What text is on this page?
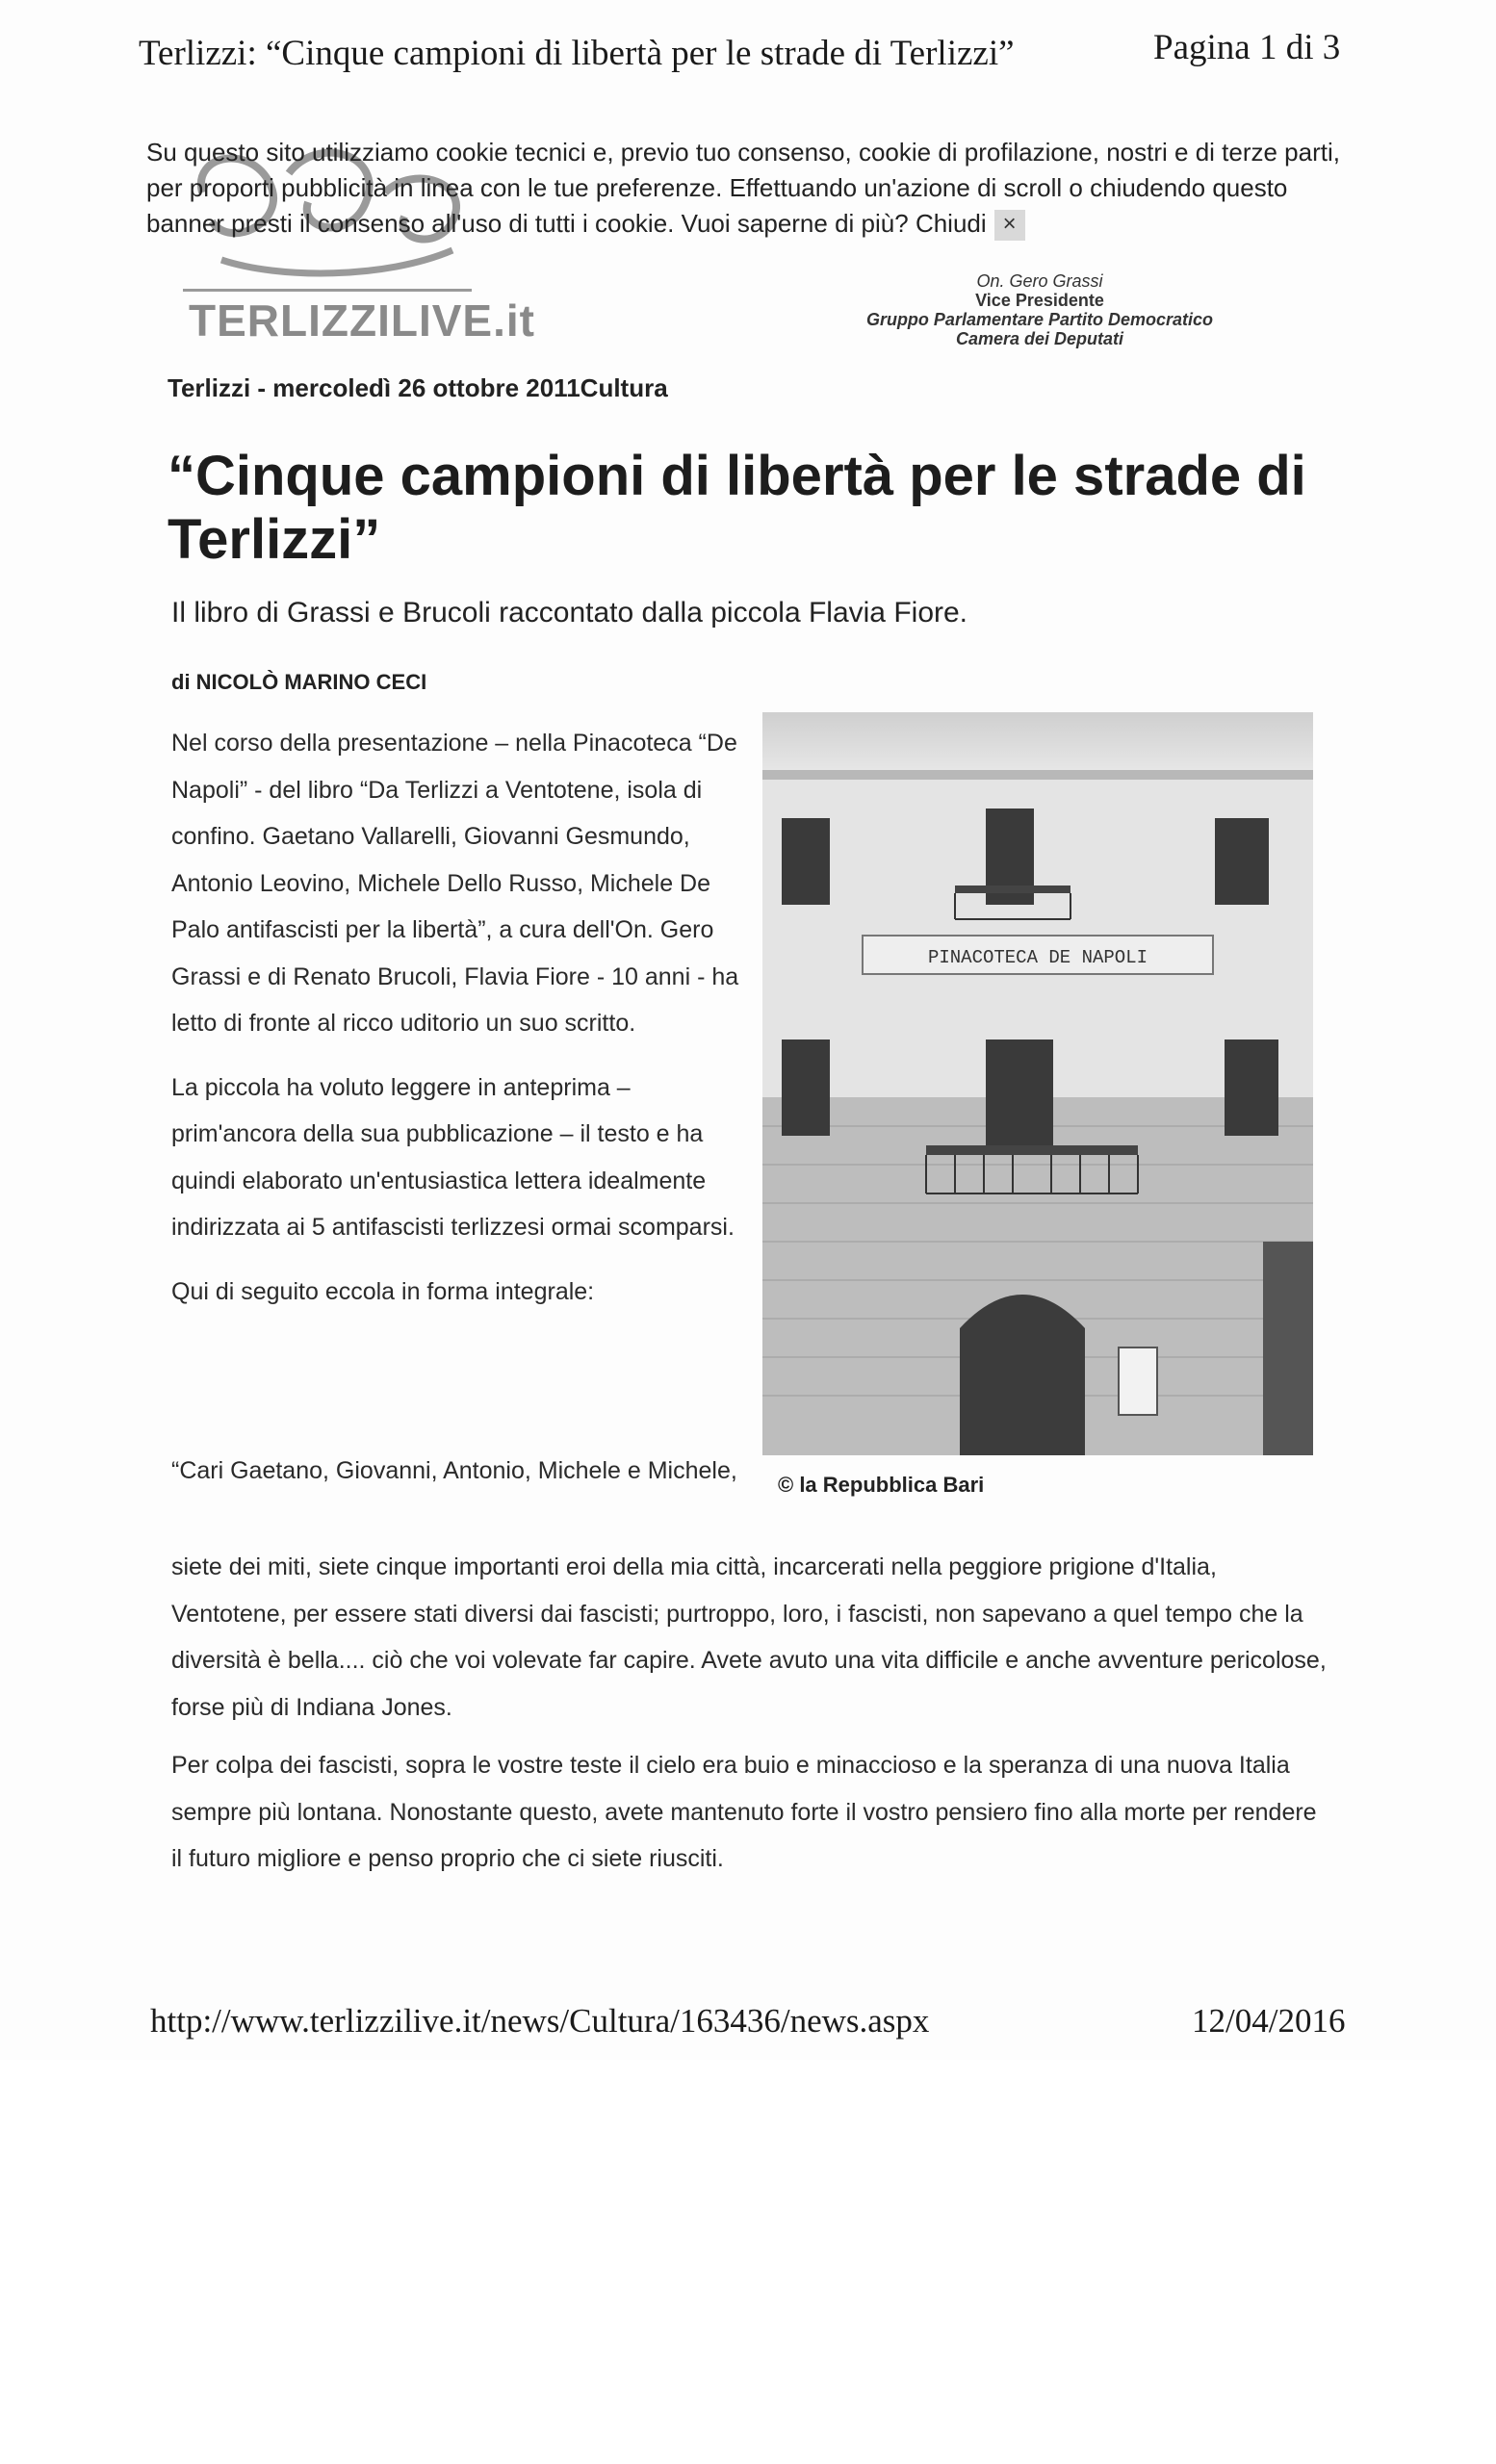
Terlizzi: “Cinque campioni di libertà per le strade di Terlizzi”	Pagina 1 di 3
TERLIZZILIVE.it
Su questo sito utilizziamo cookie tecnici e, previo tuo consenso, cookie di profilazione, nostri e di terze parti, per proporti pubblicità in linea con le tue preferenze. Effettuando un'azione di scroll o chiudendo questo banner presti il consenso all'uso di tutti i cookie. Vuoi saperne di più? Chiudi ×
On. Gero Grassi
Vice Presidente
Gruppo Parlamentare Partito Democratico
Camera dei Deputati
Terlizzi - mercoledì 26 ottobre 2011Cultura
“Cinque campioni di libertà per le strade di Terlizzi”
Il libro di Grassi e Brucoli raccontato dalla piccola Flavia Fiore.
di NICOLÒ MARINO CECI

Nel corso della presentazione – nella Pinacoteca “De Napoli” - del libro “Da Terlizzi a Ventotene, isola di confino. Gaetano Vallarelli, Giovanni Gesmundo, Antonio Leovino, Michele Dello Russo, Michele De Palo antifascisti per la libertà”, a cura dell'On. Gero Grassi e di Renato Brucoli, Flavia Fiore - 10 anni - ha letto di fronte al ricco uditorio un suo scritto.

La piccola ha voluto leggere in anteprima – prim'ancora della sua pubblicazione – il testo e ha quindi elaborato un'entusiastica lettera idealmente indirizzata ai 5 antifascisti terlizzesi ormai scomparsi.

Qui di seguito eccola in forma integrale:

PINACOTECA DE NAPOLI
© la Repubblica Bari

“Cari Gaetano, Giovanni, Antonio, Michele e Michele,

siete dei miti, siete cinque importanti eroi della mia città, incarcerati nella peggiore prigione d'Italia, Ventotene, per essere stati diversi dai fascisti; purtroppo, loro, i fascisti, non sapevano a quel tempo che la diversità è bella.... ciò che voi volevate far capire. Avete avuto una vita difficile e anche avventure pericolose, forse più di Indiana Jones.

Per colpa dei fascisti, sopra le vostre teste il cielo era buio e minaccioso e la speranza di una nuova Italia sempre più lontana. Nonostante questo, avete mantenuto forte il vostro pensiero fino alla morte per rendere il futuro migliore e penso proprio che ci siete riusciti.

http://www.terlizzilive.it/news/Cultura/163436/news.aspx	12/04/2016
